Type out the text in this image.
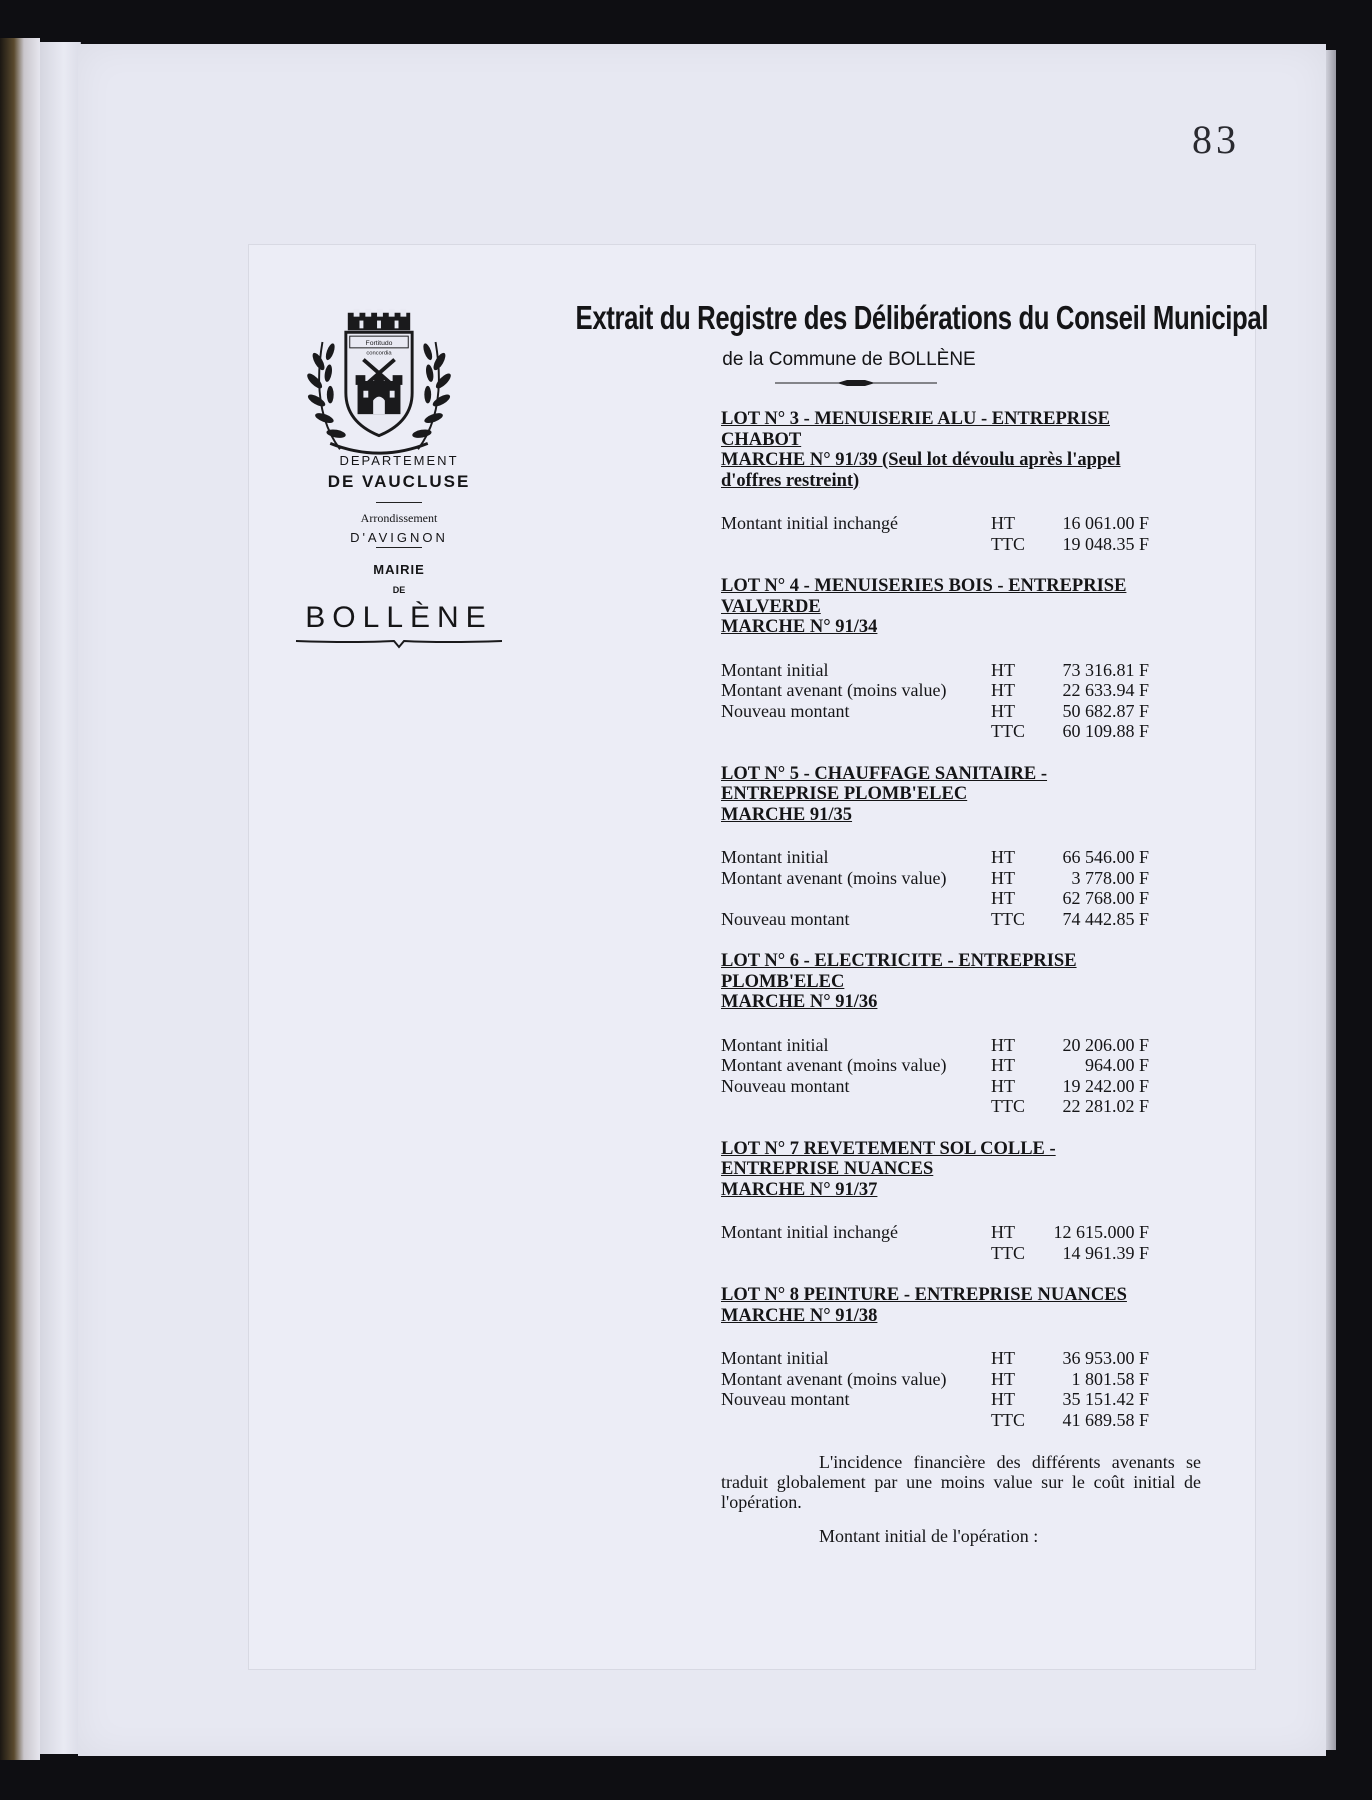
83
Fortitudo
concordia
DEPARTEMENT
DE VAUCLUSE
Arrondissement
D'AVIGNON
MAIRIE
DE
BOLLÈNE
Extrait du Registre des Délibérations du Conseil Municipal
de la Commune de BOLLÈNE
LOT N° 3 - MENUISERIE ALU - ENTREPRISE
CHABOT
MARCHE N° 91/39 (Seul lot dévoulu après l'appel
d'offres restreint)
Montant initial inchangé	HT	16 061.00 F
TTC	19 048.35 F
LOT N° 4 - MENUISERIES BOIS - ENTREPRISE
VALVERDE
MARCHE N° 91/34
Montant initial	HT	73 316.81 F
Montant avenant (moins value)	HT	22 633.94 F
Nouveau montant	HT	50 682.87 F
TTC	60 109.88 F
LOT N° 5 - CHAUFFAGE SANITAIRE -
ENTREPRISE PLOMB'ELEC
MARCHE 91/35
Montant initial	HT	66 546.00 F
Montant avenant (moins value)	HT	3 778.00 F
HT	62 768.00 F
Nouveau montant	TTC	74 442.85 F
LOT N° 6 - ELECTRICITE - ENTREPRISE
PLOMB'ELEC
MARCHE N° 91/36
Montant initial	HT	20 206.00 F
Montant avenant (moins value)	HT	964.00 F
Nouveau montant	HT	19 242.00 F
TTC	22 281.02 F
LOT N° 7 REVETEMENT SOL COLLE -
ENTREPRISE NUANCES
MARCHE N° 91/37
Montant initial inchangé	HT	12 615.000 F
TTC	14 961.39 F
LOT N° 8 PEINTURE - ENTREPRISE NUANCES
MARCHE N° 91/38
Montant initial	HT	36 953.00 F
Montant avenant (moins value)	HT	1 801.58 F
Nouveau montant	HT	35 151.42 F
TTC	41 689.58 F
L'incidence financière des différents avenants se traduit globalement par une moins value sur le coût initial de l'opération.
Montant initial de l'opération :
